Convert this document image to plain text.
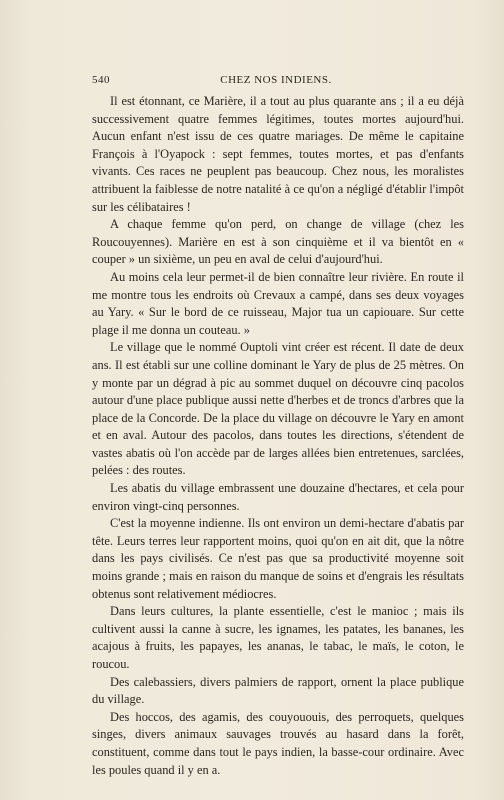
540	CHEZ NOS INDIENS.

Il est étonnant, ce Marière, il a tout au plus quarante ans ; il a eu déjà successivement quatre femmes légitimes, toutes mortes aujourd'hui. Aucun enfant n'est issu de ces quatre mariages. De même le capitaine François à l'Oyapock : sept femmes, toutes mortes, et pas d'enfants vivants. Ces races ne peuplent pas beaucoup. Chez nous, les moralistes attribuent la faiblesse de notre natalité à ce qu'on a négligé d'établir l'impôt sur les célibataires !

A chaque femme qu'on perd, on change de village (chez les Roucouyennes). Marière en est à son cinquième et il va bientôt en « couper » un sixième, un peu en aval de celui d'aujourd'hui.

Au moins cela leur permet-il de bien connaître leur rivière. En route il me montre tous les endroits où Crevaux a campé, dans ses deux voyages au Yary. « Sur le bord de ce ruisseau, Major tua un capiouare. Sur cette plage il me donna un couteau. »

Le village que le nommé Ouptoli vint créer est récent. Il date de deux ans. Il est établi sur une colline dominant le Yary de plus de 25 mètres. On y monte par un dégrad à pic au sommet duquel on découvre cinq pacolos autour d'une place publique aussi nette d'herbes et de troncs d'arbres que la place de la Concorde. De la place du village on découvre le Yary en amont et en aval. Autour des pacolos, dans toutes les directions, s'étendent de vastes abatis où l'on accède par de larges allées bien entretenues, sarclées, pelées : des routes.

Les abatis du village embrassent une douzaine d'hectares, et cela pour environ vingt-cinq personnes.

C'est la moyenne indienne. Ils ont environ un demi-hectare d'abatis par tête. Leurs terres leur rapportent moins, quoi qu'on en ait dit, que la nôtre dans les pays civilisés. Ce n'est pas que sa productivité moyenne soit moins grande ; mais en raison du manque de soins et d'engrais les résultats obtenus sont relativement médiocres.

Dans leurs cultures, la plante essentielle, c'est le manioc ; mais ils cultivent aussi la canne à sucre, les ignames, les patates, les bananes, les acajous à fruits, les papayes, les ananas, le tabac, le maïs, le coton, le roucou.

Des calebassiers, divers palmiers de rapport, ornent la place publique du village.

Des hoccos, des agamis, des couyououis, des perroquets, quelques singes, divers animaux sauvages trouvés au hasard dans la forêt, constituent, comme dans tout le pays indien, la basse-cour ordinaire. Avec les poules quand il y en a.
